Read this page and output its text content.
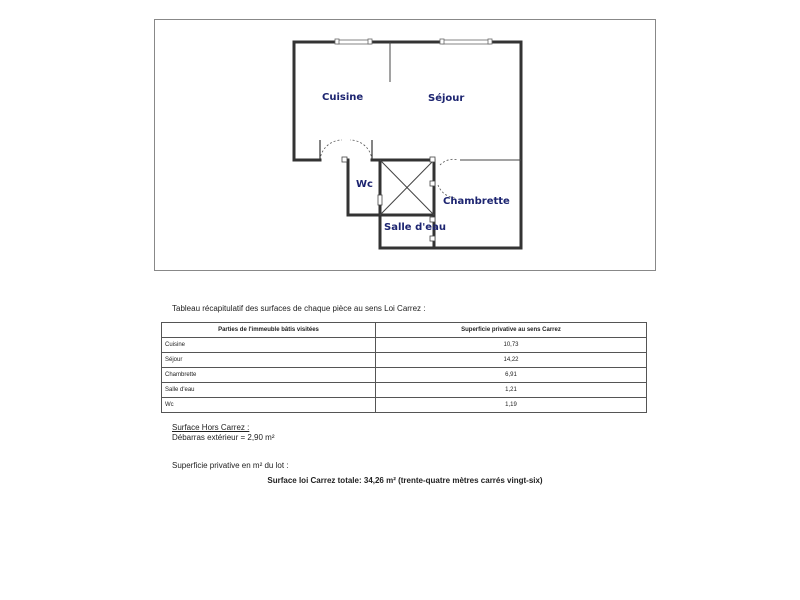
Cuisine	Séjour
Wc
Chambrette
Salle d'eau
Tableau récapitulatif des surfaces de chaque pièce au sens Loi Carrez :
Parties de l'immeuble bâtis visitées	Superficie privative au sens Carrez
Cuisine	10,73
Séjour	14,22
Chambrette	6,91
Salle d'eau	1,21
Wc	1,19
Surface Hors Carrez :
Débarras extérieur = 2,90 m²
Superficie privative en m² du lot :
Surface loi Carrez totale: 34,26 m² (trente-quatre mètres carrés vingt-six)
